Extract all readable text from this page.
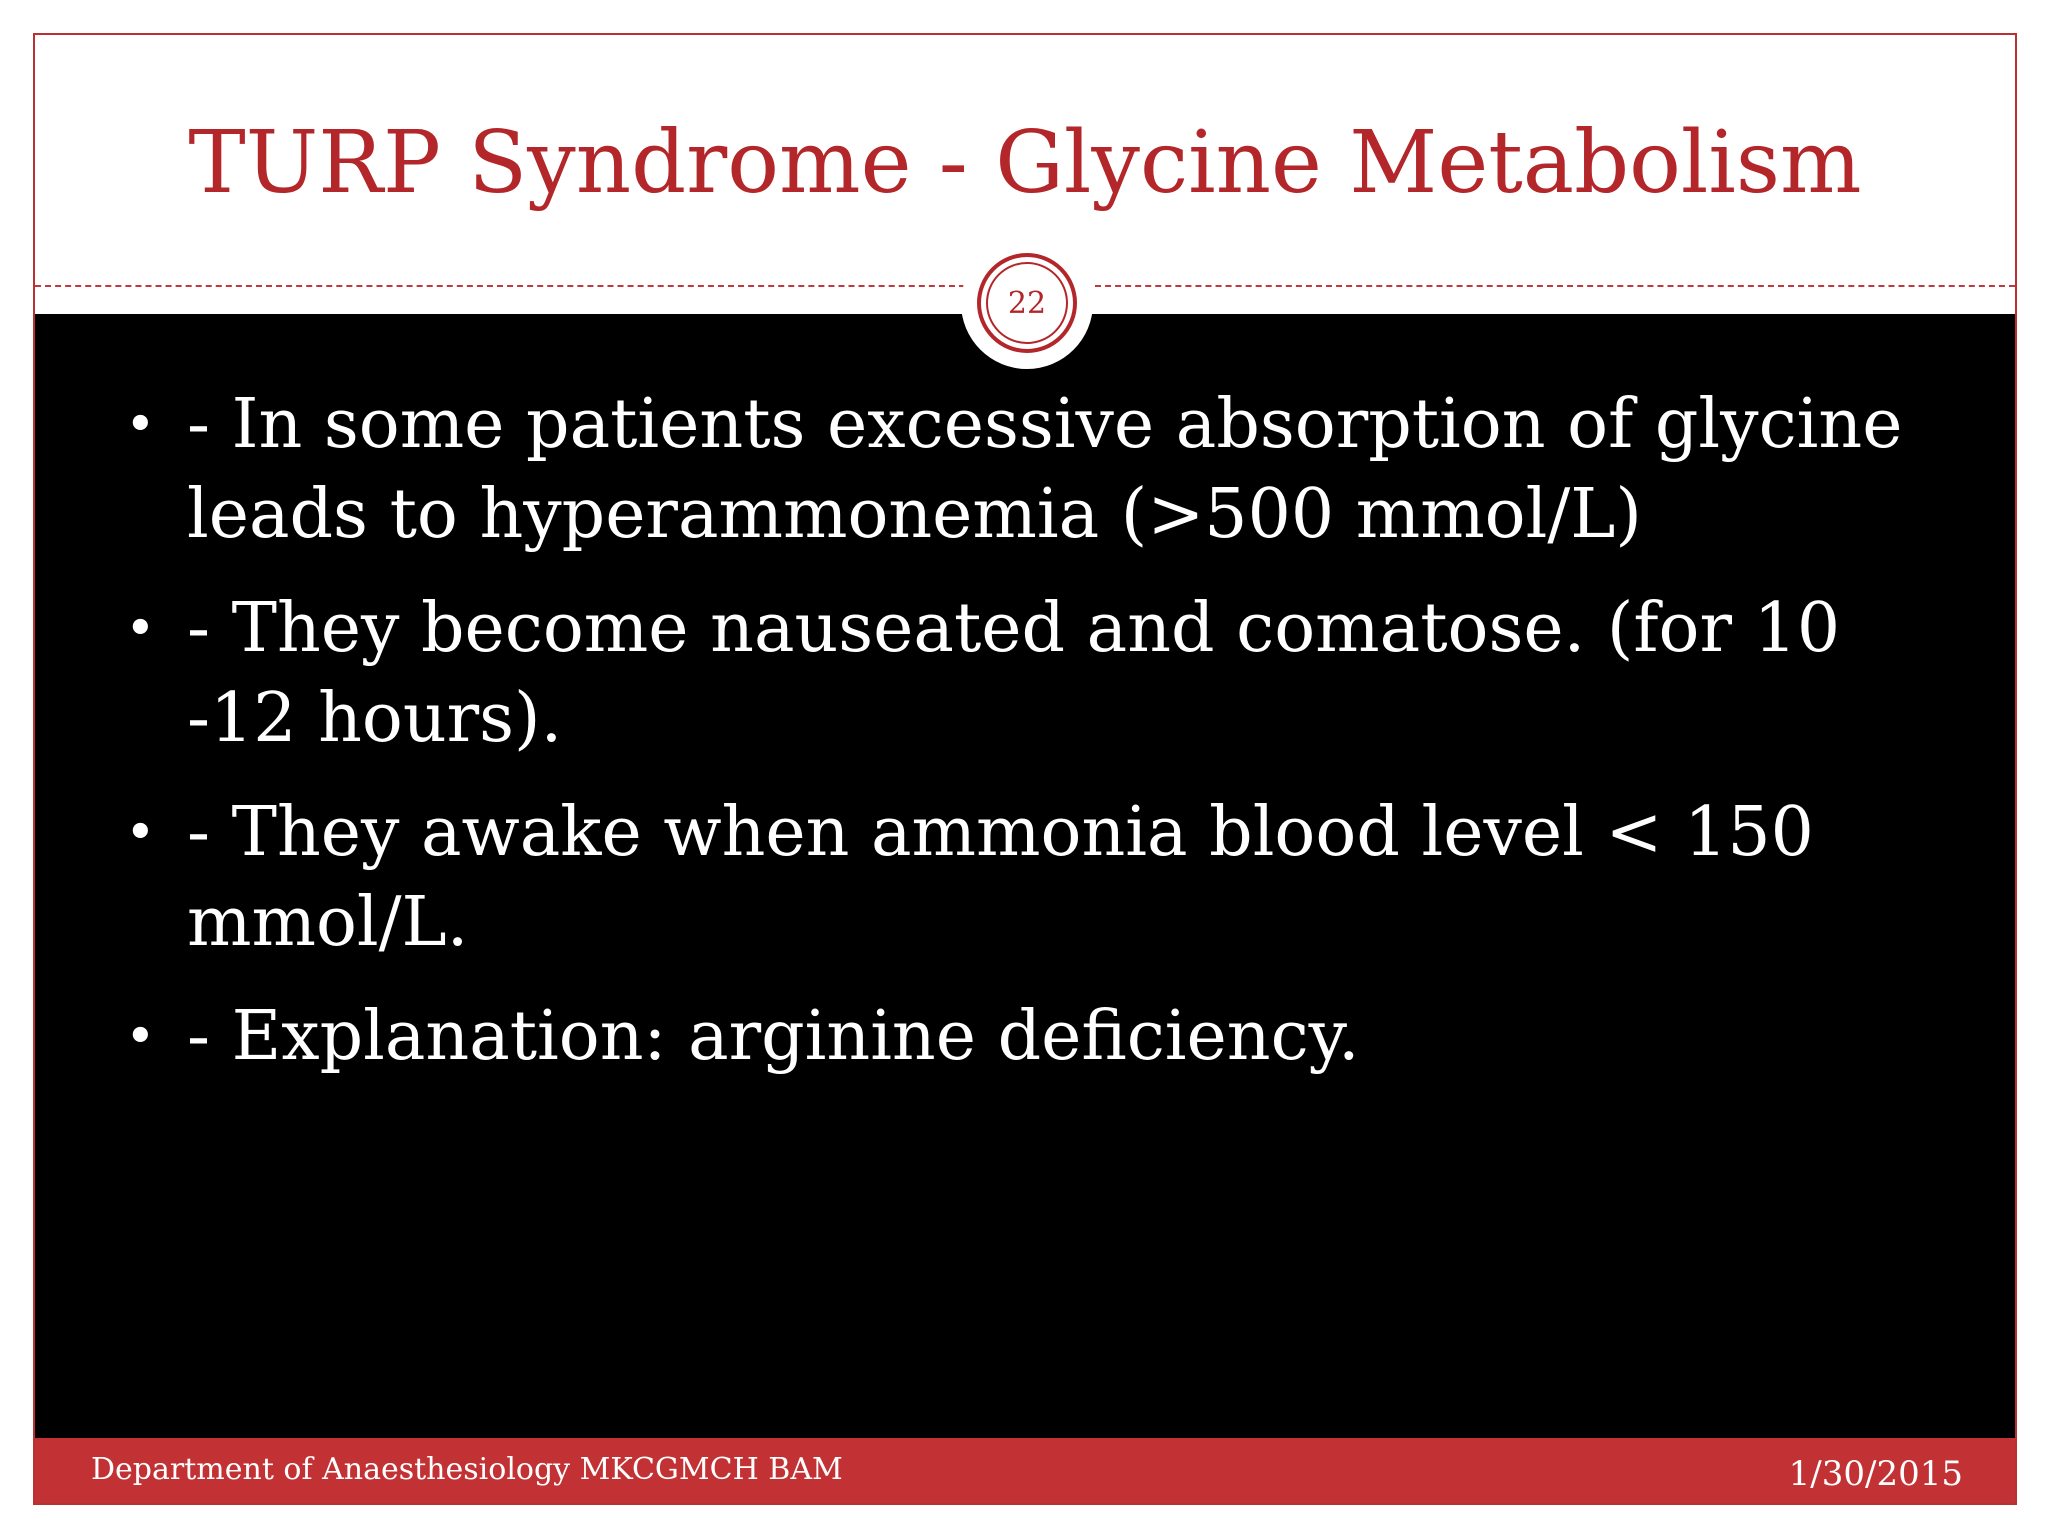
TURP Syndrome - Glycine Metabolism
22
• - In some patients excessive absorption of glycine leads to hyperammonemia (>500 mmol/L)
• - They become nauseated and comatose. (for 10 -12 hours).
• - They awake when ammonia blood level < 150 mmol/L.
• - Explanation: arginine deficiency.
Department of Anaesthesiology MKCGMCH BAM	1/30/2015
